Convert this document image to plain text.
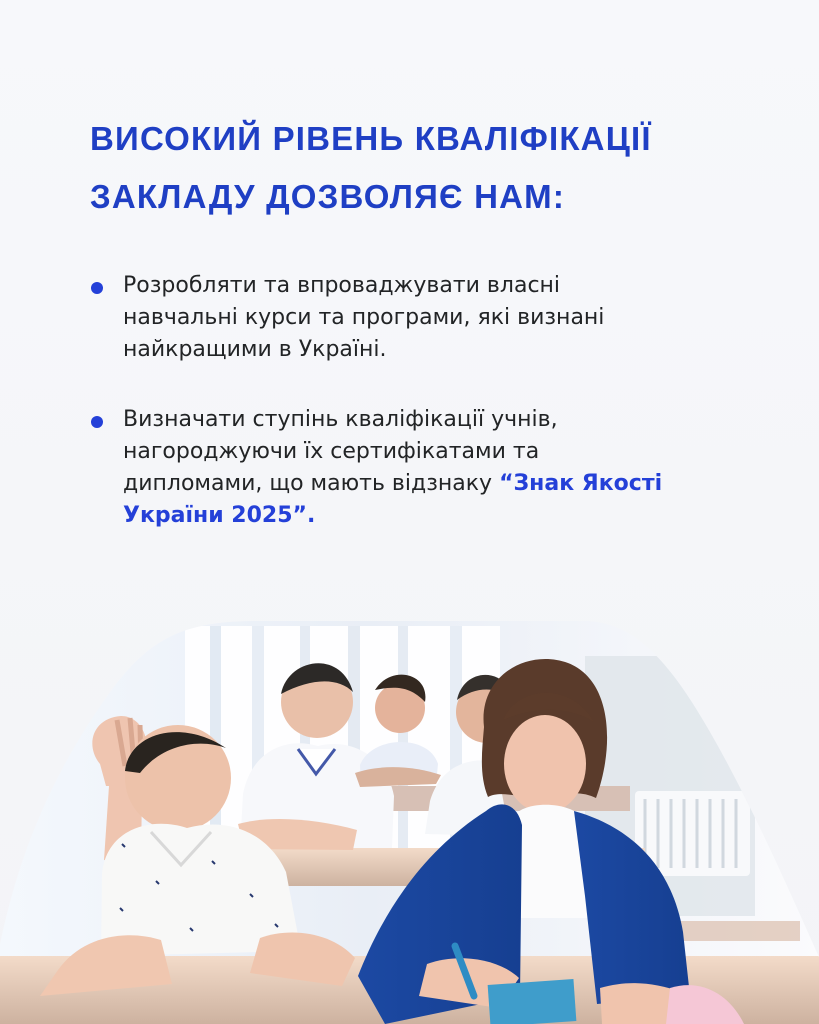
ВИСОКИЙ РІВЕНЬ КВАЛІФІКАЦІЇ
ЗАКЛАДУ ДОЗВОЛЯЄ НАМ:
Розробляти та впроваджувати власні
навчальні курси та програми, які визнані
найкращими в Україні.
Визначати ступінь кваліфікації учнів,
нагороджуючи їх сертифікатами та
дипломами, що мають відзнаку “Знак Якості
України 2025”.
